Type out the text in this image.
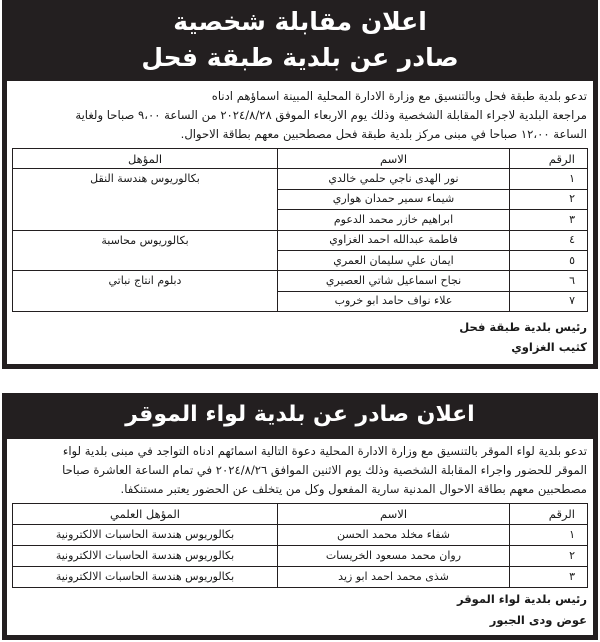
اعلان مقابلة شخصية
صادر عن بلدية طبقة فحل
تدعو بلدية طبقة فحل وبالتنسيق مع وزارة الادارة المحلية المبينة اسماؤهم ادناه
مراجعة البلدية لاجراء المقابلة الشخصية وذلك يوم الاربعاء الموفق ٢٠٢٤/٨/٢٨ من الساعة ٩،٠٠ صباحا ولغاية
الساعة ١٢،٠٠ صباحا في مبنى مركز بلدية طبقة فحل مصطحبين معهم بطاقة الاحوال.
الرقم	الاسم	المؤهل
١	نور الهدى ناجي حلمي خالدي	بكالوريوس هندسة النقل
٢	شيماء سمير حمدان هواري	
٣	ابراهيم خازر محمد الدعوم	
٤	فاطمة عبدالله احمد الغزاوي	بكالوريوس محاسبة
٥	ايمان علي سليمان العمري	
٦	نجاح اسماعيل شاتي العصيري	دبلوم انتاج نباتي
٧	علاء نواف حامد ابو خروب	
رئيس بلدية طبقة فحل
كثيب الغزاوي
اعلان صادر عن بلدية لواء الموقر
تدعو بلدية لواء الموقر بالتنسيق مع وزارة الادارة المحلية دعوة التالية اسمائهم ادناه التواجد في مبنى بلدية لواء
الموقر للحضور واجراء المقابلة الشخصية وذلك يوم الاثنين الموافق ٢٠٢٤/٨/٢٦ في تمام الساعة العاشرة صباحا
مصطحبين معهم بطاقة الاحوال المدنية سارية المفعول وكل من يتخلف عن الحضور يعتبر مستنكفا.
الرقم	الاسم	المؤهل العلمي
١	شفاء مخلد محمد الحسن	بكالوريوس هندسة الحاسبات الالكترونية
٢	روان محمد مسعود الخريسات	بكالوريوس هندسة الحاسبات الالكترونية
٣	شذى محمد احمد ابو زيد	بكالوريوس هندسة الحاسبات الالكترونية
رئيس بلدية لواء الموقر
عوض ودى الجبور
